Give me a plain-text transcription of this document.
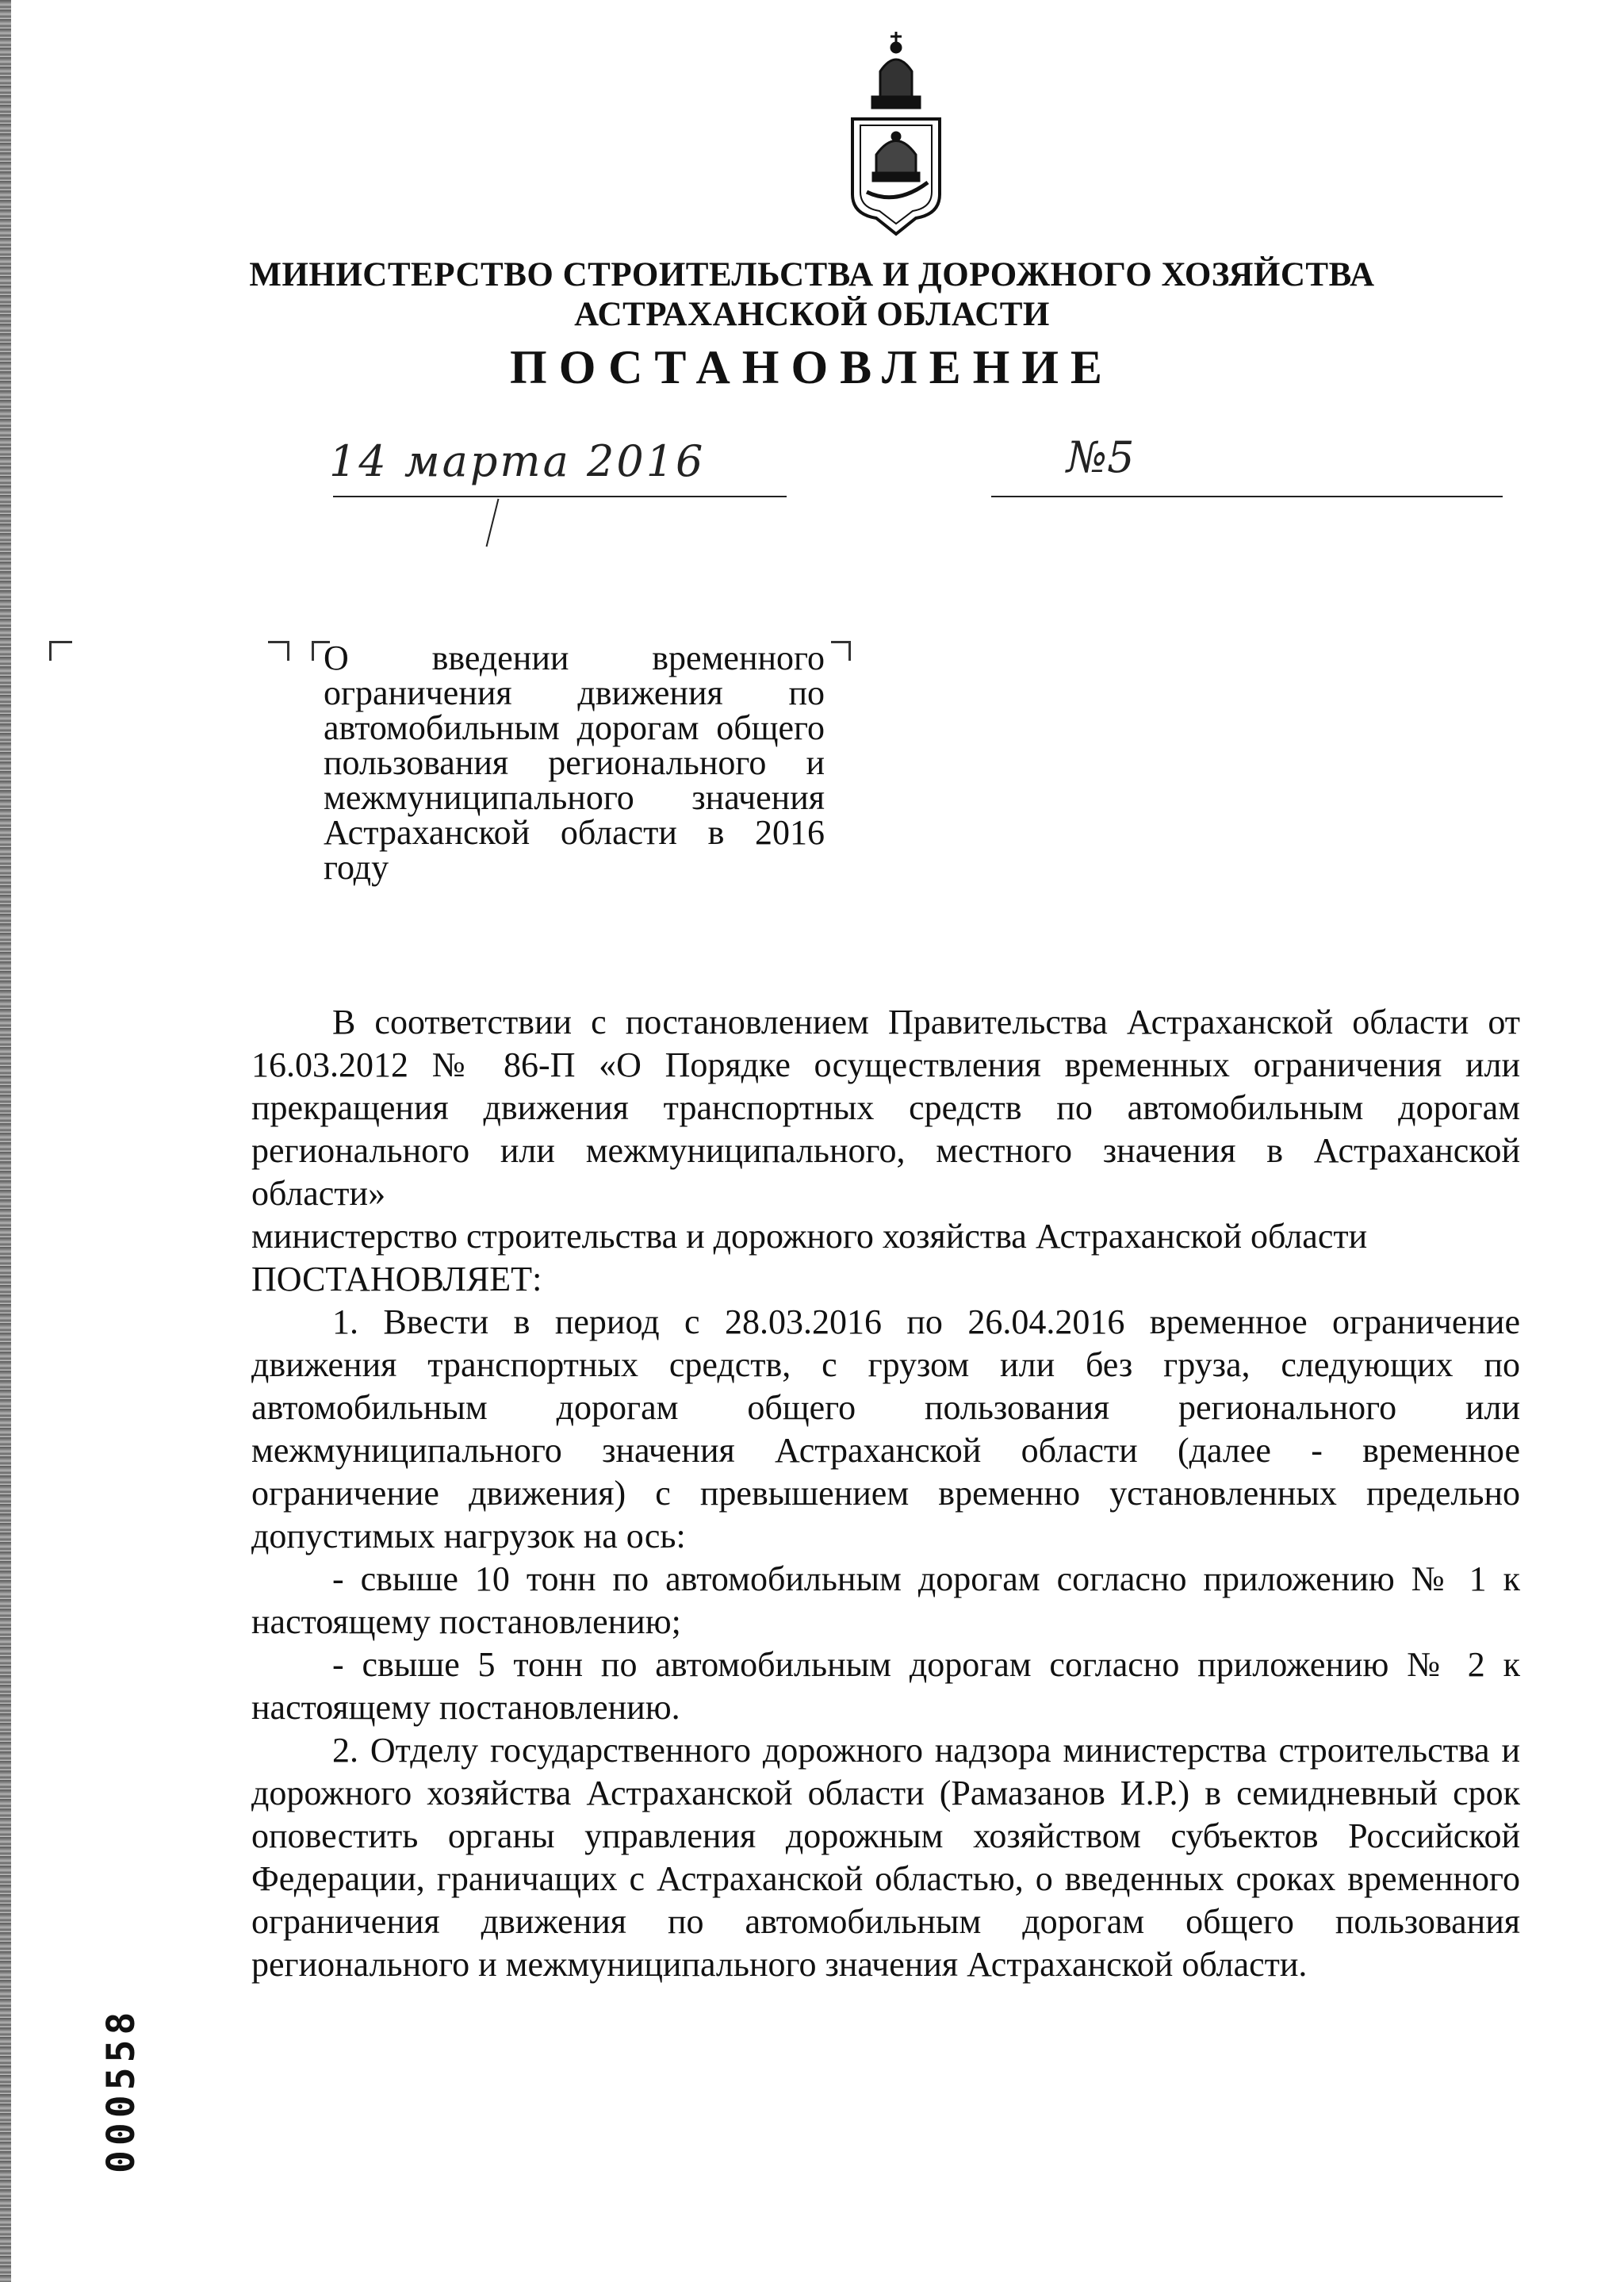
МИНИСТЕРСТВО СТРОИТЕЛЬСТВА И ДОРОЖНОГО ХОЗЯЙСТВА
АСТРАХАНСКОЙ ОБЛАСТИ
ПОСТАНОВЛЕНИЕ
14 марта 2016	№5
О введении временного ограничения движения по автомобильным дорогам общего пользования регионального и межмуниципального значения Астраханской области в 2016 году

В соответствии с постановлением Правительства Астраханской области от 16.03.2012 № 86-П «О Порядке осуществления временных ограничения или прекращения движения транспортных средств по автомобильным дорогам регионального или межмуниципального, местного значения в Астраханской области»

министерство строительства и дорожного хозяйства Астраханской области

ПОСТАНОВЛЯЕТ:

1. Ввести в период с 28.03.2016 по 26.04.2016 временное ограничение движения транспортных средств, с грузом или без груза, следующих по автомобильным дорогам общего пользования регионального или межмуниципального значения Астраханской области (далее - временное ограничение движения) с превышением временно установленных предельно допустимых нагрузок на ось:

- свыше 10 тонн по автомобильным дорогам согласно приложению № 1 к настоящему постановлению;

- свыше 5 тонн по автомобильным дорогам согласно приложению № 2 к настоящему постановлению.

2. Отделу государственного дорожного надзора министерства строительства и дорожного хозяйства Астраханской области (Рамазанов И.Р.) в семидневный срок оповестить органы управления дорожным хозяйством субъектов Российской Федерации, граничащих с Астраханской областью, о введенных сроках временного ограничения движения по автомобильным дорогам общего пользования регионального и межмуниципального значения Астраханской области.

000558
